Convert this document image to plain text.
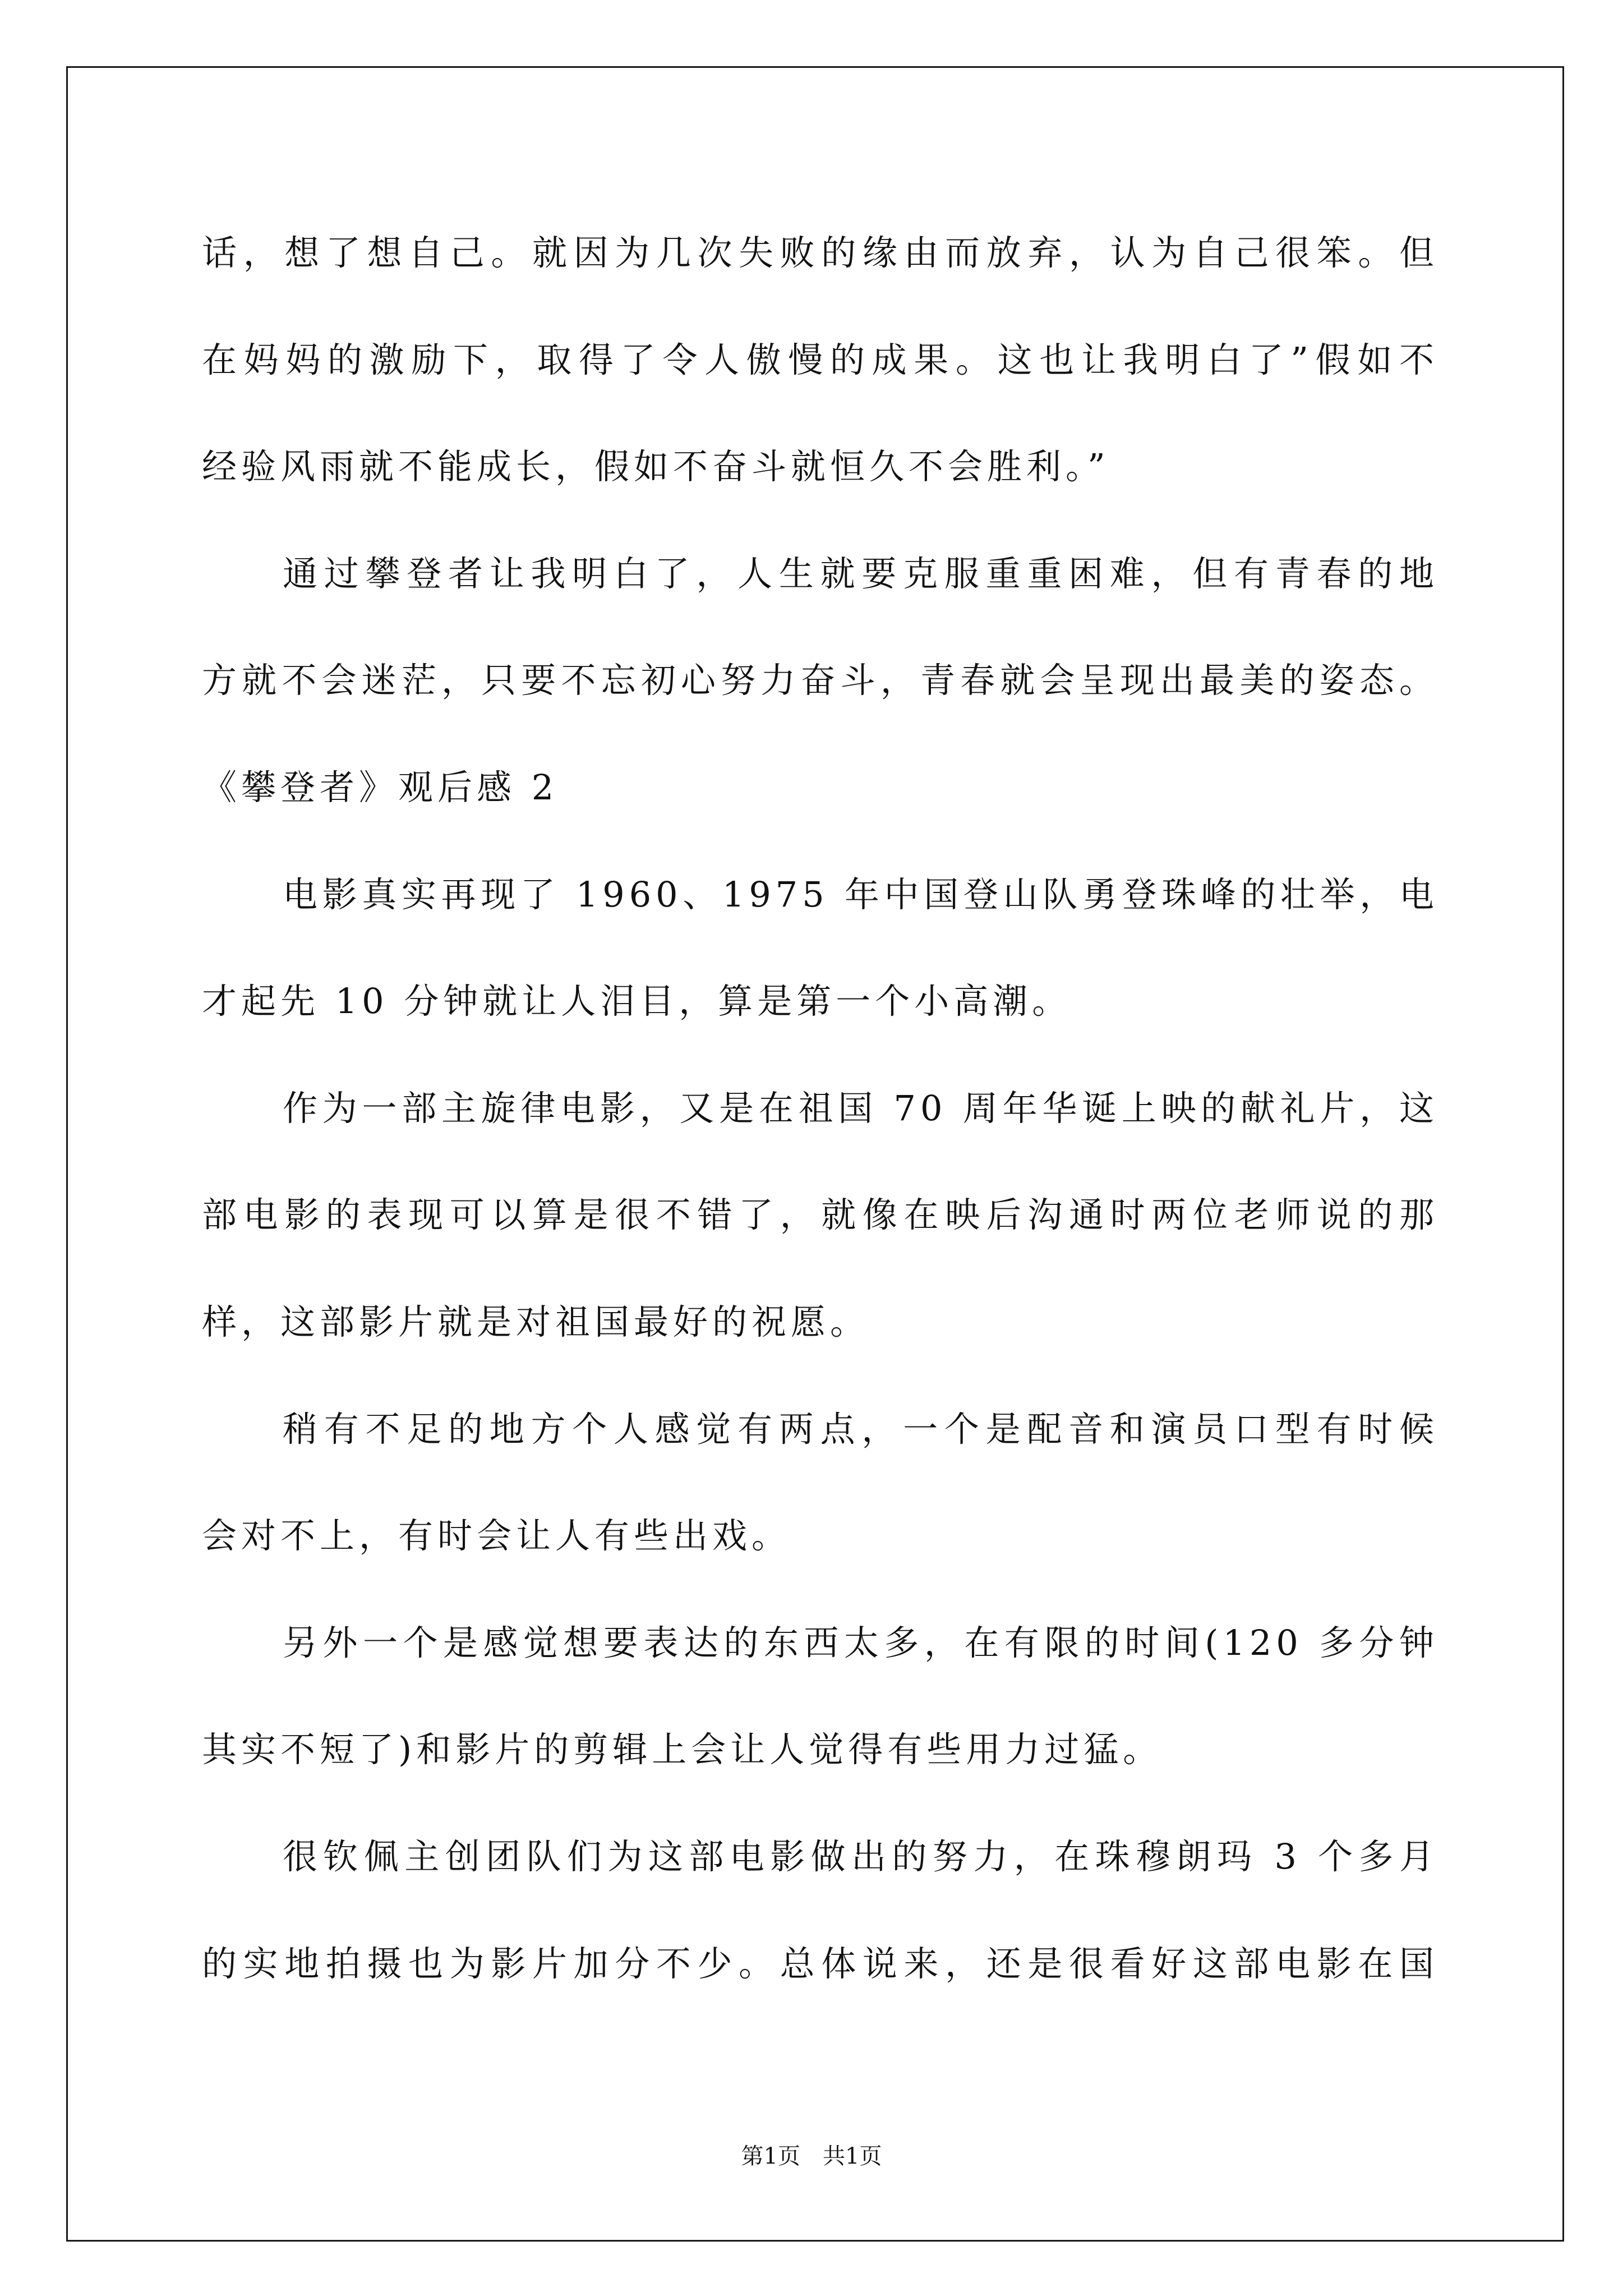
话，想了想自己。就因为几次失败的缘由而放弃，认为自己很笨。但
在妈妈的激励下，取得了令人傲慢的成果。这也让我明白了”假如不
经验风雨就不能成长，假如不奋斗就恒久不会胜利。”
通过攀登者让我明白了，人生就要克服重重困难，但有青春的地
方就不会迷茫，只要不忘初心努力奋斗，青春就会呈现出最美的姿态。
《攀登者》观后感 2
电影真实再现了 1960、1975 年中国登山队勇登珠峰的壮举，电
才起先 10 分钟就让人泪目，算是第一个小高潮。
作为一部主旋律电影，又是在祖国 70 周年华诞上映的献礼片，这
部电影的表现可以算是很不错了，就像在映后沟通时两位老师说的那
样，这部影片就是对祖国最好的祝愿。
稍有不足的地方个人感觉有两点，一个是配音和演员口型有时候
会对不上，有时会让人有些出戏。
另外一个是感觉想要表达的东西太多，在有限的时间(120 多分钟
其实不短了)和影片的剪辑上会让人觉得有些用力过猛。
很钦佩主创团队们为这部电影做出的努力，在珠穆朗玛 3 个多月
的实地拍摄也为影片加分不少。总体说来，还是很看好这部电影在国
第1页　共1页
